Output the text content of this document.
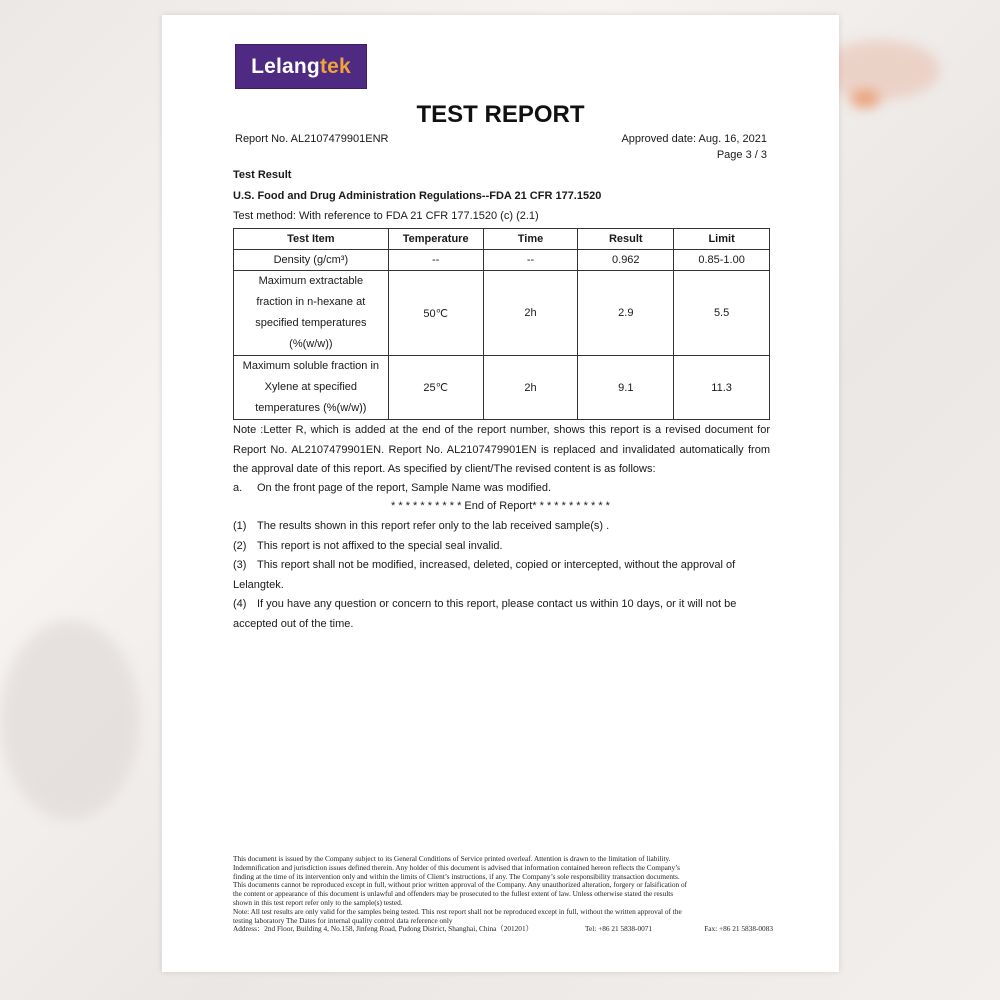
Lelang tek
TEST REPORT
Report No. AL2107479901ENR	Approved date: Aug. 16, 2021
Page 3 / 3
Test Result
U.S. Food and Drug Administration Regulations--FDA 21 CFR 177.1520
Test method: With reference to FDA 21 CFR 177.1520 (c) (2.1)
Test Item	Temperature	Time	Result	Limit
Density (g/cm³)	--	--	0.962	0.85-1.00

Maximum extractable
fraction in n-hexane at
specified temperatures
(%(w/w))	50℃	2h	2.9	5.5

Maximum soluble fraction in
Xylene at specified
temperatures (%(w/w))	25℃	2h	9.1	11.3
Note :Letter R, which is added at the end of the report number, shows this report is a revised document for Report No. AL2107479901EN. Report No. AL2107479901EN is replaced and invalidated automatically from the approval date of this report. As specified by client/The revised content is as follows:
a. On the front page of the report, Sample Name was modified.
* * * * * * * * * * End of Report* * * * * * * * * * *
(1) The results shown in this report refer only to the lab received sample(s) .
(2) This report is not affixed to the special seal invalid.
(3) This report shall not be modified, increased, deleted, copied or intercepted, without the approval of
Lelangtek.
(4) If you have any question or concern to this report, please contact us within 10 days, or it will not be
accepted out of the time.
This document is issued by the Company subject to its General Conditions of Service printed overleaf. Attention is drawn to the limitation of liability.
Indemnification and jurisdiction issues defined therein. Any holder of this document is advised that information contained hereon reflects the Company’s
finding at the time of its intervention only and within the limits of Client’s instructions, if any. The Company’s sole responsibility transaction documents.
This documents cannot be reproduced except in full, without prior written approval of the Company. Any unauthorized alteration, forgery or falsification of
the content or appearance of this document is unlawful and offenders may be prosecuted to the fullest extent of law. Unless otherwise stated the results
shown in this test report refer only to the sample(s) tested.
Note: All test results are only valid for the samples being tested. This rest report shall not be reproduced except in full, without the written approval of the
testing laboratory The Dates for internal quality control data reference only
Address：2nd Floor, Building 4, No.158, Jinfeng Road, Pudong District, Shanghai, China（201201）	Tel: +86 21 5838-0071	Fax: +86 21 5838-0083
